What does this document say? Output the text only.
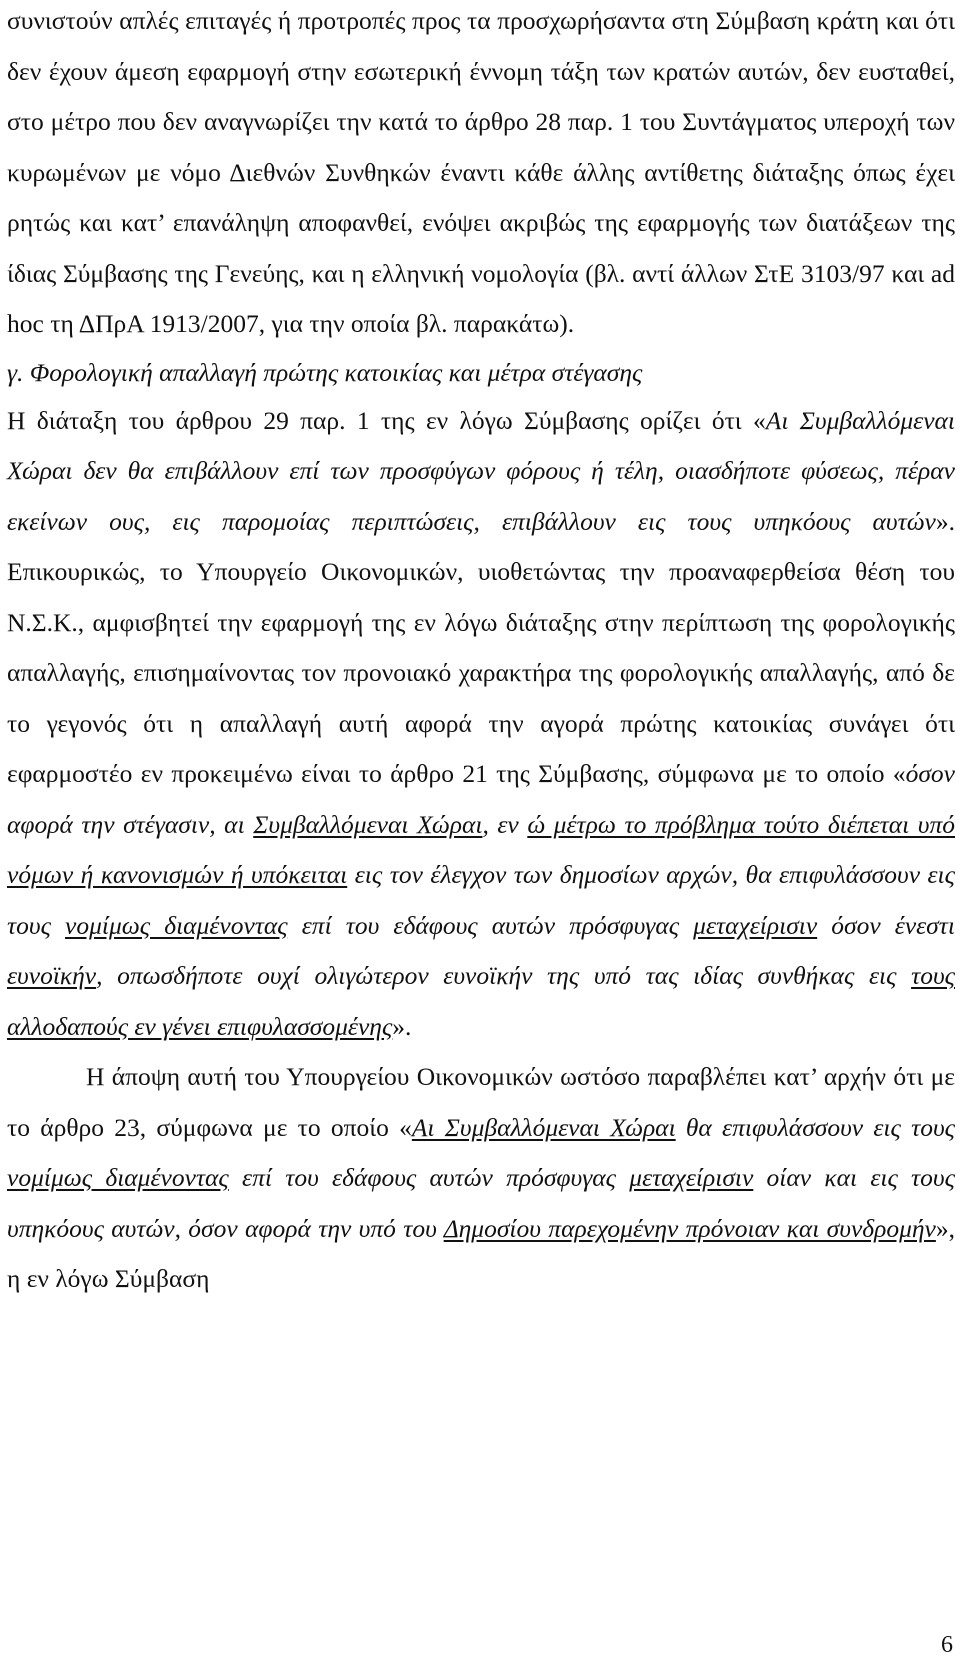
συνιστούν απλές επιταγές ή προτροπές προς τα προσχωρήσαντα στη Σύμβαση κράτη και ότι δεν έχουν άμεση εφαρμογή στην εσωτερική έννομη τάξη των κρατών αυτών, δεν ευσταθεί, στο μέτρο που δεν αναγνωρίζει την κατά το άρθρο 28 παρ. 1 του Συντάγματος υπεροχή των κυρωμένων με νόμο Διεθνών Συνθηκών έναντι κάθε άλλης αντίθετης διάταξης όπως έχει ρητώς και κατ’ επανάληψη αποφανθεί, ενόψει ακριβώς της εφαρμογής των διατάξεων της ίδιας Σύμβασης της Γενεύης, και η ελληνική νομολογία (βλ. αντί άλλων ΣτΕ 3103/97 και ad hoc τη ΔΠρΑ 1913/2007, για την οποία βλ. παρακάτω).

γ. Φορολογική απαλλαγή πρώτης κατοικίας και μέτρα στέγασης

Η διάταξη του άρθρου 29 παρ. 1 της εν λόγω Σύμβασης ορίζει ότι «Αι Συμβαλλόμεναι Χώραι δεν θα επιβάλλουν επί των προσφύγων φόρους ή τέλη, οιασδήποτε φύσεως, πέραν εκείνων ους, εις παρομοίας περιπτώσεις, επιβάλλουν εις τους υπηκόους αυτών». Επικουρικώς, το Υπουργείο Οικονομικών, υιοθετώντας την προαναφερθείσα θέση του Ν.Σ.Κ., αμφισβητεί την εφαρμογή της εν λόγω διάταξης στην περίπτωση της φορολογικής απαλλαγής, επισημαίνοντας τον προνοιακό χαρακτήρα της φορολογικής απαλλαγής, από δε το γεγονός ότι η απαλλαγή αυτή αφορά την αγορά πρώτης κατοικίας συνάγει ότι εφαρμοστέο εν προκειμένω είναι το άρθρο 21 της Σύμβασης, σύμφωνα με το οποίο «όσον αφορά την στέγασιν, αι Συμβαλλόμεναι Χώραι, εν ώ μέτρω το πρόβλημα τούτο διέπεται υπό νόμων ή κανονισμών ή υπόκειται εις τον έλεγχον των δημοσίων αρχών, θα επιφυλάσσουν εις τους νομίμως διαμένοντας επί του εδάφους αυτών πρόσφυγας μεταχείρισιν όσον ένεστι ευνοϊκήν, οπωσδήποτε ουχί ολιγώτερον ευνοϊκήν της υπό τας ιδίας συνθήκας εις τους αλλοδαπούς εν γένει επιφυλασσομένης».

Η άποψη αυτή του Υπουργείου Οικονομικών ωστόσο παραβλέπει κατ’ αρχήν ότι με το άρθρο 23, σύμφωνα με το οποίο «Αι Συμβαλλόμεναι Χώραι θα επιφυλάσσουν εις τους νομίμως διαμένοντας επί του εδάφους αυτών πρόσφυγας μεταχείρισιν οίαν και εις τους υπηκόους αυτών, όσον αφορά την υπό του Δημοσίου παρεχομένην πρόνοιαν και συνδρομήν», η εν λόγω Σύμβαση

6
